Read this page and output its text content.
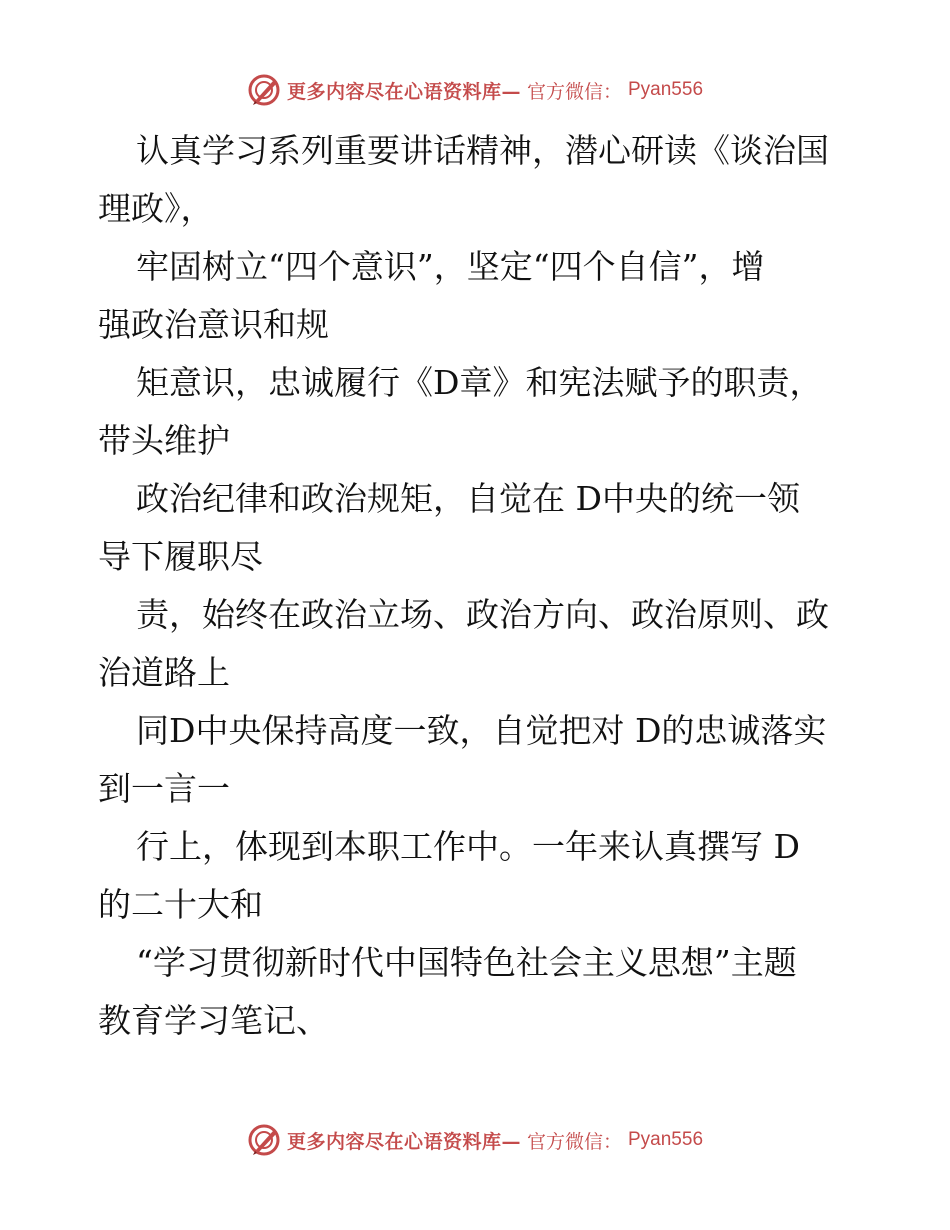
更多内容尽在心语资料库— 官方微信： Pyan556
认真学习系列重要讲话精神，潜心研读《谈治国
理政》，
牢固树立“四个意识”，坚定“四个自信”，增
强政治意识和规
矩意识，忠诚履行《D章》和宪法赋予的职责，
带头维护
政治纪律和政治规矩，自觉在 D中央的统一领
导下履职尽
责，始终在政治立场、政治方向、政治原则、政
治道路上
同D中央保持高度一致，自觉把对 D的忠诚落实
到一言一
行上，体现到本职工作中。一年来认真撰写 D
的二十大和
“学习贯彻新时代中国特色社会主义思想”主题
教育学习笔记、
更多内容尽在心语资料库— 官方微信： Pyan556
